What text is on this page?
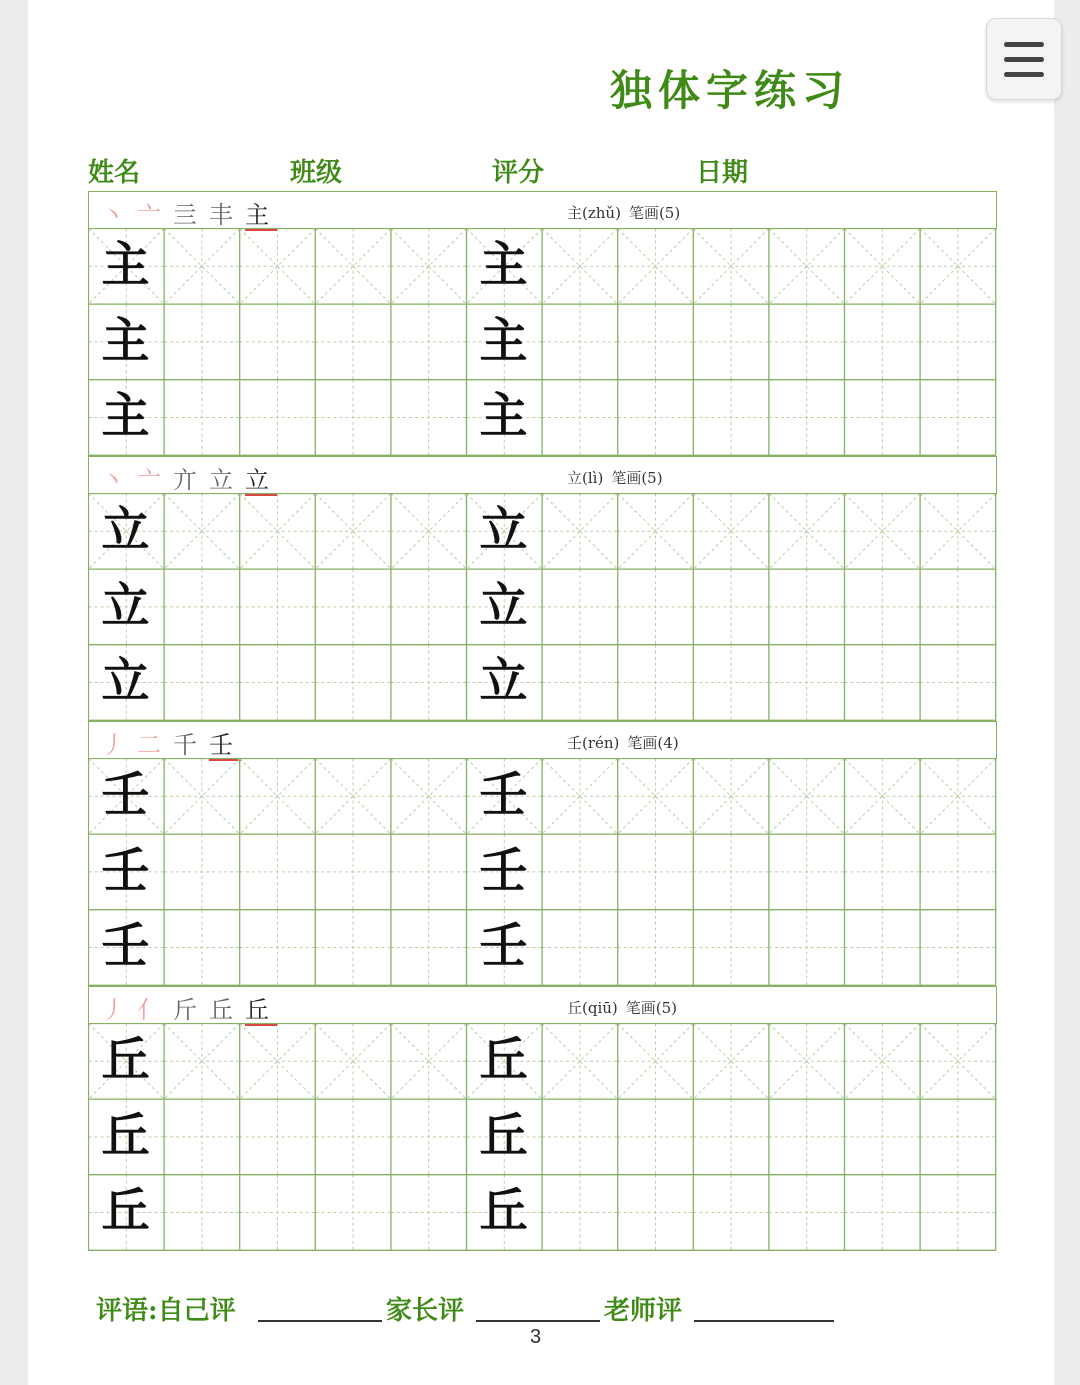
独体字练习
姓名	班级	评分	日期
丶 亠 亖 丰 主	主(zhǔ) 笔画(5)
主	主
主	主
主	主
丶 亠 亣 立 立	立(lì) 笔画(5)
立	立
立	立
立	立
丿 二 千 壬	壬(rén) 笔画(4)
壬	壬
壬	壬
壬	壬
丿 亻 斤 丘 丘	丘(qiū) 笔画(5)
丘	丘
丘	丘
丘	丘
评语:自己评	家长评	老师评
3
